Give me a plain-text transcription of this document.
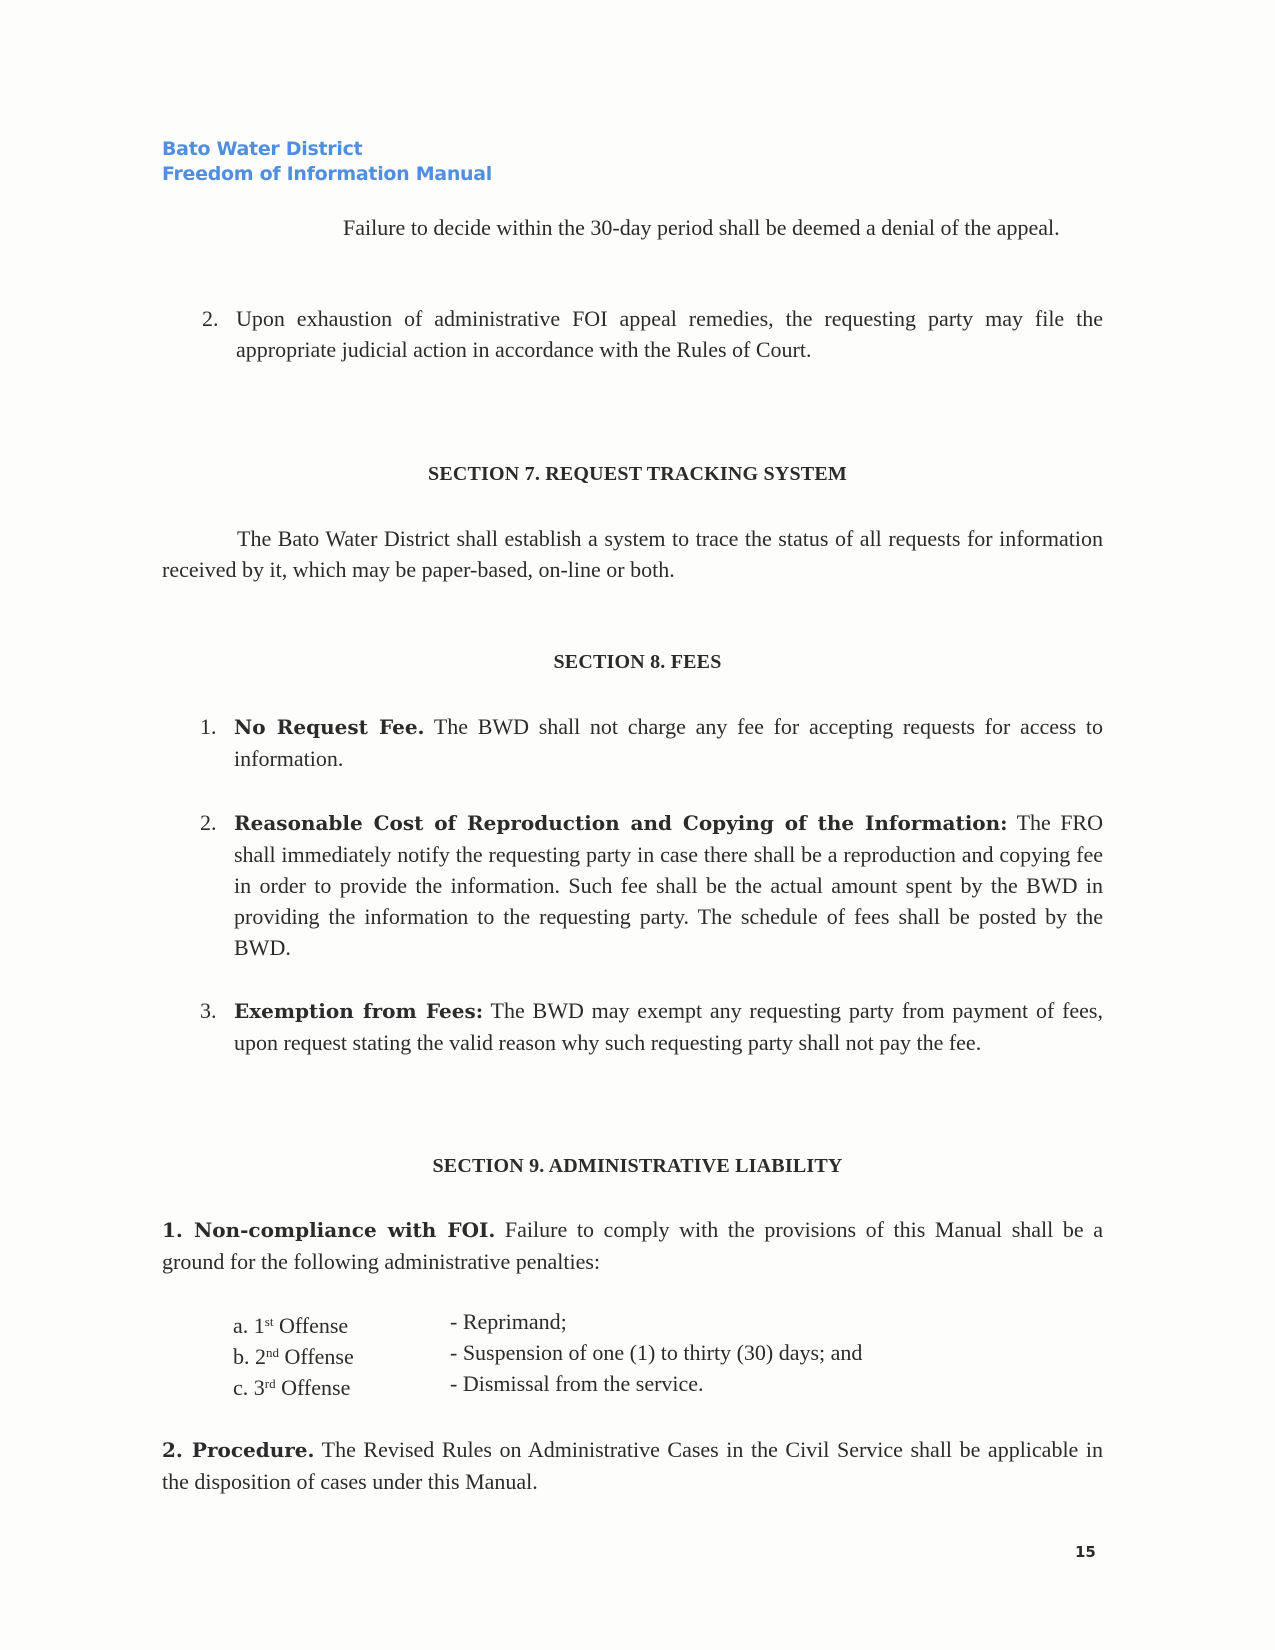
Bato Water District
Freedom of Information Manual
Failure to decide within the 30-day period shall be deemed a denial of the appeal.
2. Upon exhaustion of administrative FOI appeal remedies, the requesting party may file the appropriate judicial action in accordance with the Rules of Court.
SECTION 7. REQUEST TRACKING SYSTEM
The Bato Water District shall establish a system to trace the status of all requests for information received by it, which may be paper-based, on-line or both.
SECTION 8. FEES
1. No Request Fee. The BWD shall not charge any fee for accepting requests for access to information.
2. Reasonable Cost of Reproduction and Copying of the Information: The FRO shall immediately notify the requesting party in case there shall be a reproduction and copying fee in order to provide the information. Such fee shall be the actual amount spent by the BWD in providing the information to the requesting party. The schedule of fees shall be posted by the BWD.
3. Exemption from Fees: The BWD may exempt any requesting party from payment of fees, upon request stating the valid reason why such requesting party shall not pay the fee.
SECTION 9. ADMINISTRATIVE LIABILITY
1. Non-compliance with FOI. Failure to comply with the provisions of this Manual shall be a ground for the following administrative penalties:
a. 1st Offense	- Reprimand;
b. 2nd Offense	- Suspension of one (1) to thirty (30) days; and
c. 3rd Offense	- Dismissal from the service.
2. Procedure. The Revised Rules on Administrative Cases in the Civil Service shall be applicable in the disposition of cases under this Manual.
15
